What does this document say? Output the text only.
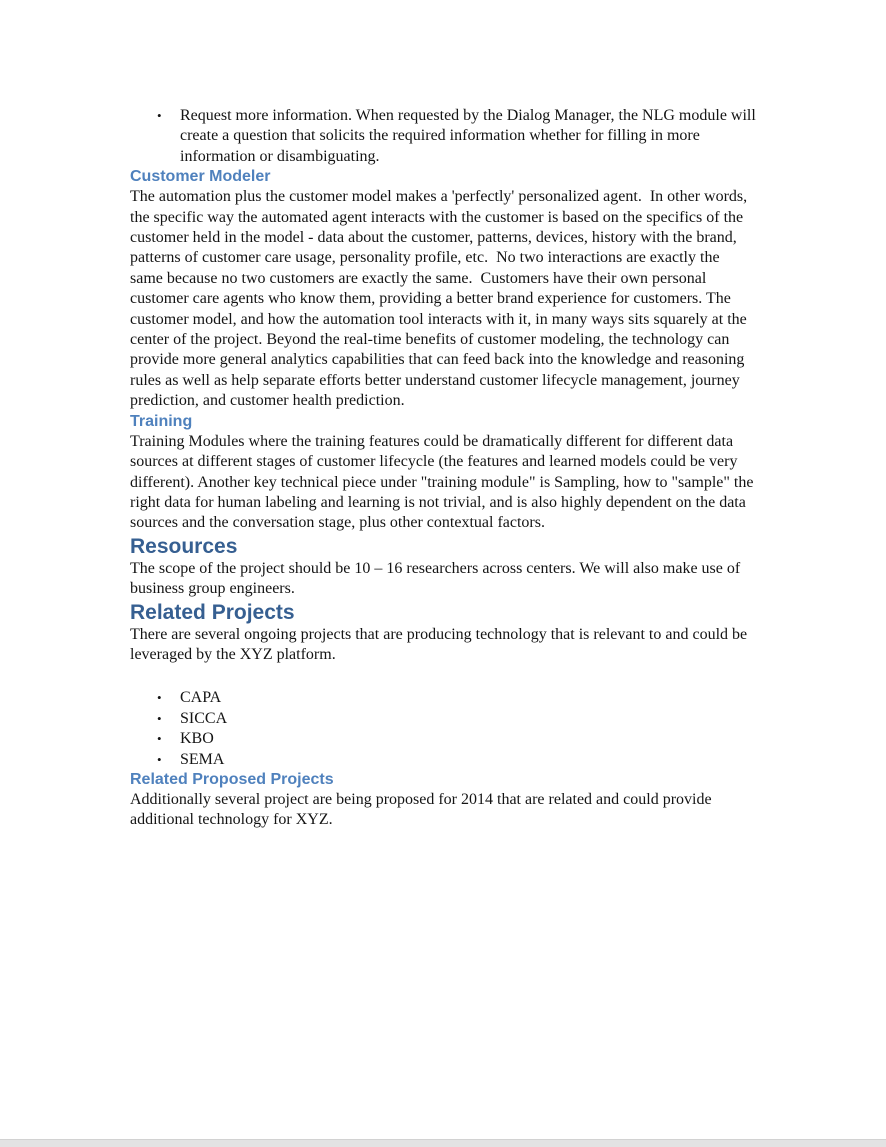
•	Request more information. When requested by the Dialog Manager, the NLG module will create a question that solicits the required information whether for filling in more information or disambiguating.
Customer Modeler

The automation plus the customer model makes a 'perfectly' personalized agent.  In other words, the specific way the automated agent interacts with the customer is based on the specifics of the customer held in the model - data about the customer, patterns, devices, history with the brand, patterns of customer care usage, personality profile, etc.  No two interactions are exactly the same because no two customers are exactly the same.  Customers have their own personal customer care agents who know them, providing a better brand experience for customers. The customer model, and how the automation tool interacts with it, in many ways sits squarely at the center of the project. Beyond the real-time benefits of customer modeling, the technology can provide more general analytics capabilities that can feed back into the knowledge and reasoning rules as well as help separate efforts better understand customer lifecycle management, journey prediction, and customer health prediction.

Training

Training Modules where the training features could be dramatically different for different data sources at different stages of customer lifecycle (the features and learned models could be very different). Another key technical piece under "training module" is Sampling, how to "sample" the right data for human labeling and learning is not trivial, and is also highly dependent on the data sources and the conversation stage, plus other contextual factors.

Resources

The scope of the project should be 10 – 16 researchers across centers. We will also make use of business group engineers.

Related Projects

There are several ongoing projects that are producing technology that is relevant to and could be leveraged by the XYZ platform.

•	CAPA
•	SICCA
•	KBO
•	SEMA
Related Proposed Projects

Additionally several project are being proposed for 2014 that are related and could provide additional technology for XYZ.
